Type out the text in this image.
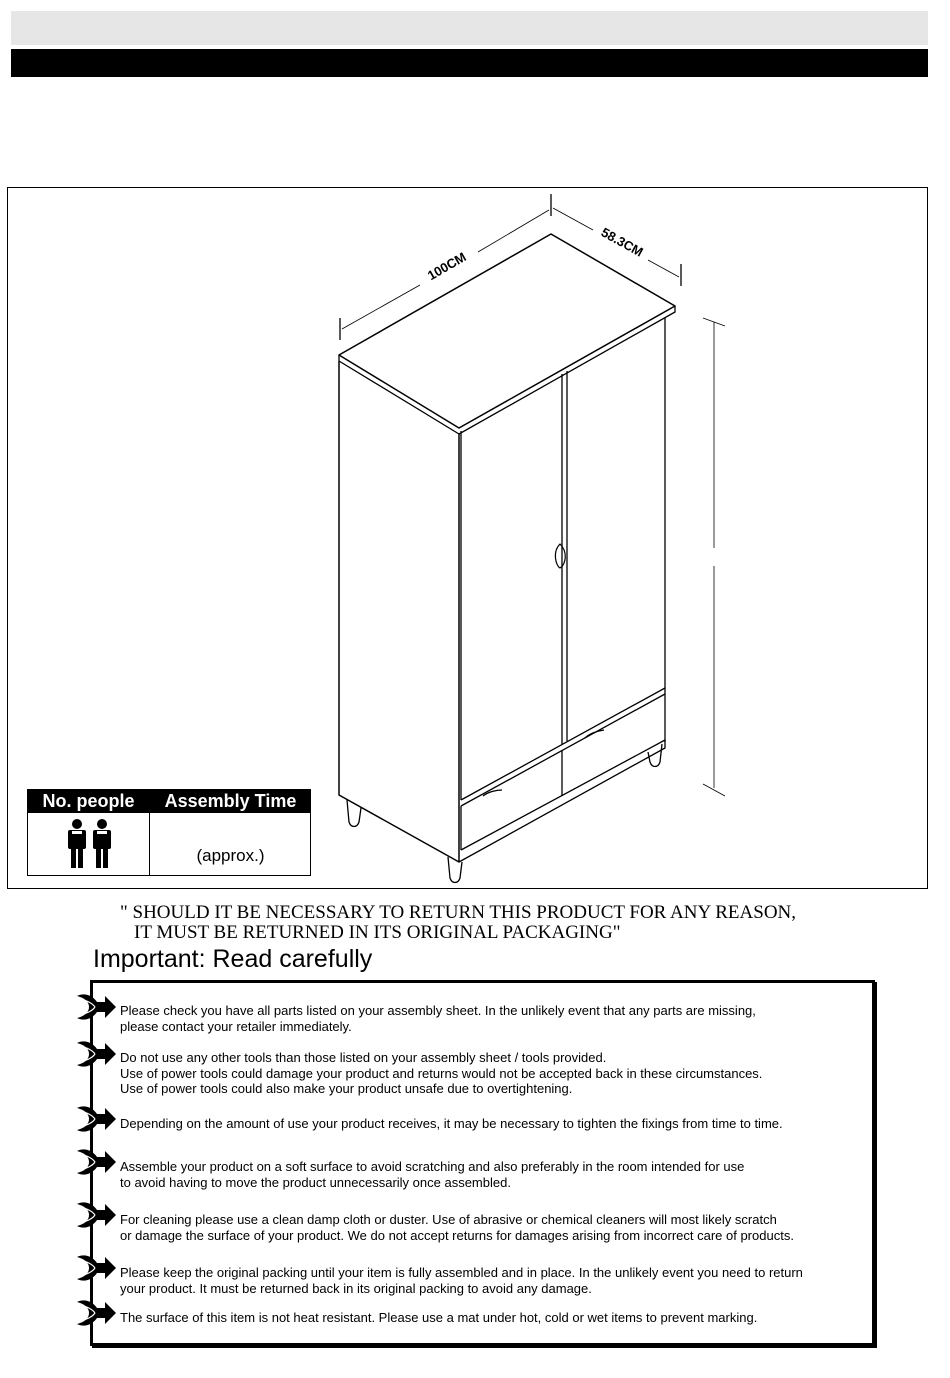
100CM
58.3CM
No. people	Assembly Time
(approx.)
" SHOULD IT BE NECESSARY TO RETURN THIS PRODUCT FOR ANY REASON,
IT MUST BE RETURNED IN ITS ORIGINAL PACKAGING"
Important: Read carefully
Please check you have all parts listed on your assembly sheet. In the unlikely event that any parts are missing,
please contact your retailer immediately.
Do not use any other tools than those listed on your assembly sheet / tools provided.
Use of power tools could damage your product and returns would not be accepted back in these circumstances.
Use of power tools could also make your product unsafe due to overtightening.
Depending on the amount of use your product receives, it may be necessary to tighten the fixings from time to time.
Assemble your product on a soft surface to avoid scratching and also preferably in the room intended for use
to avoid having to move the product unnecessarily once assembled.
For cleaning please use a clean damp cloth or duster. Use of abrasive or chemical cleaners will most likely scratch
or damage the surface of your product. We do not accept returns for damages arising from incorrect care of products.
Please keep the original packing until your item is fully assembled and in place. In the unlikely event you need to return
your product. It must be returned back in its original packing to avoid any damage.
The surface of this item is not heat resistant. Please use a mat under hot, cold or wet items to prevent marking.
